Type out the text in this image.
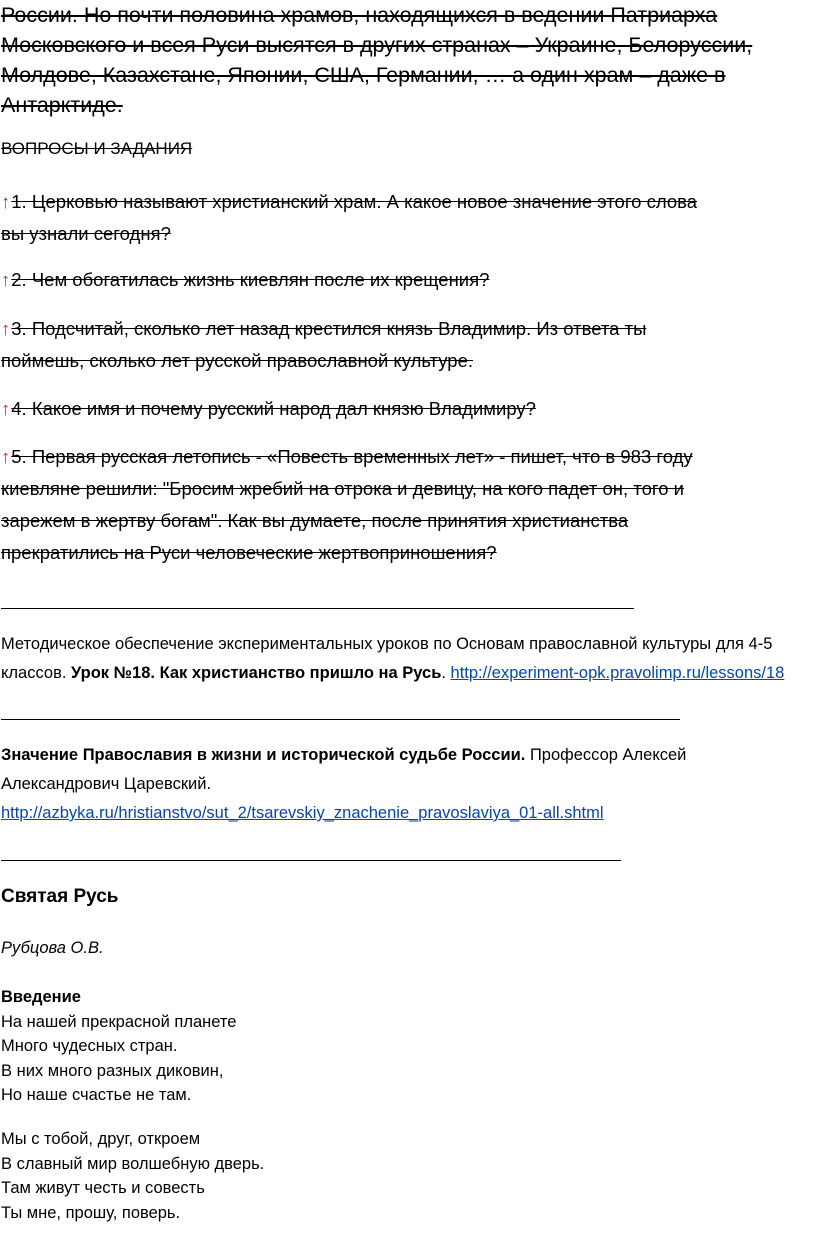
России. Но почти половина храмов, находящихся в ведении Патриарха
Московского и всея Руси высятся в других странах – Украине, Белоруссии,
Молдове, Казахстане, Японии, США, Германии, … а один храм – даже в
Антарктиде.
ВОПРОСЫ И ЗАДАНИЯ
↑1. Церковью называют христианский храм. А какое новое значение этого слова
вы узнали сегодня?
↑2. Чем обогатилась жизнь киевлян после их крещения?
↑3. Подсчитай, сколько лет назад крестился князь Владимир. Из ответа ты
поймешь, сколько лет русской православной культуре.
↑4. Какое имя и почему русский народ дал князю Владимиру?
↑5. Первая русская летопись - «Повесть временных лет» - пишет, что в 983 году
киевляне решили: "Бросим жребий на отрока и девицу, на кого падет он, того и
зарежем в жертву богам". Как вы думаете, после принятия христианства
прекратились на Руси человеческие жертвоприношения?
Методическое обеспечение экспериментальных уроков по Основам православной культуры для 4-5
классов. Урок №18. Как христианство пришло на Русь. http://experiment-opk.pravolimp.ru/lessons/18
Значение Православия в жизни и исторической судьбе России. Профессор Алексей
Александрович Царевский.
http://azbyka.ru/hristianstvo/sut_2/tsarevskiy_znachenie_pravoslaviya_01-all.shtml
Святая Русь
Рубцова О.В.
Введение
На нашей прекрасной планете
Много чудесных стран.
В них много разных диковин,
Но наше счастье не там.
Мы с тобой, друг, откроем
В славный мир волшебную дверь.
Там живут честь и совесть
Ты мне, прошу, поверь.
